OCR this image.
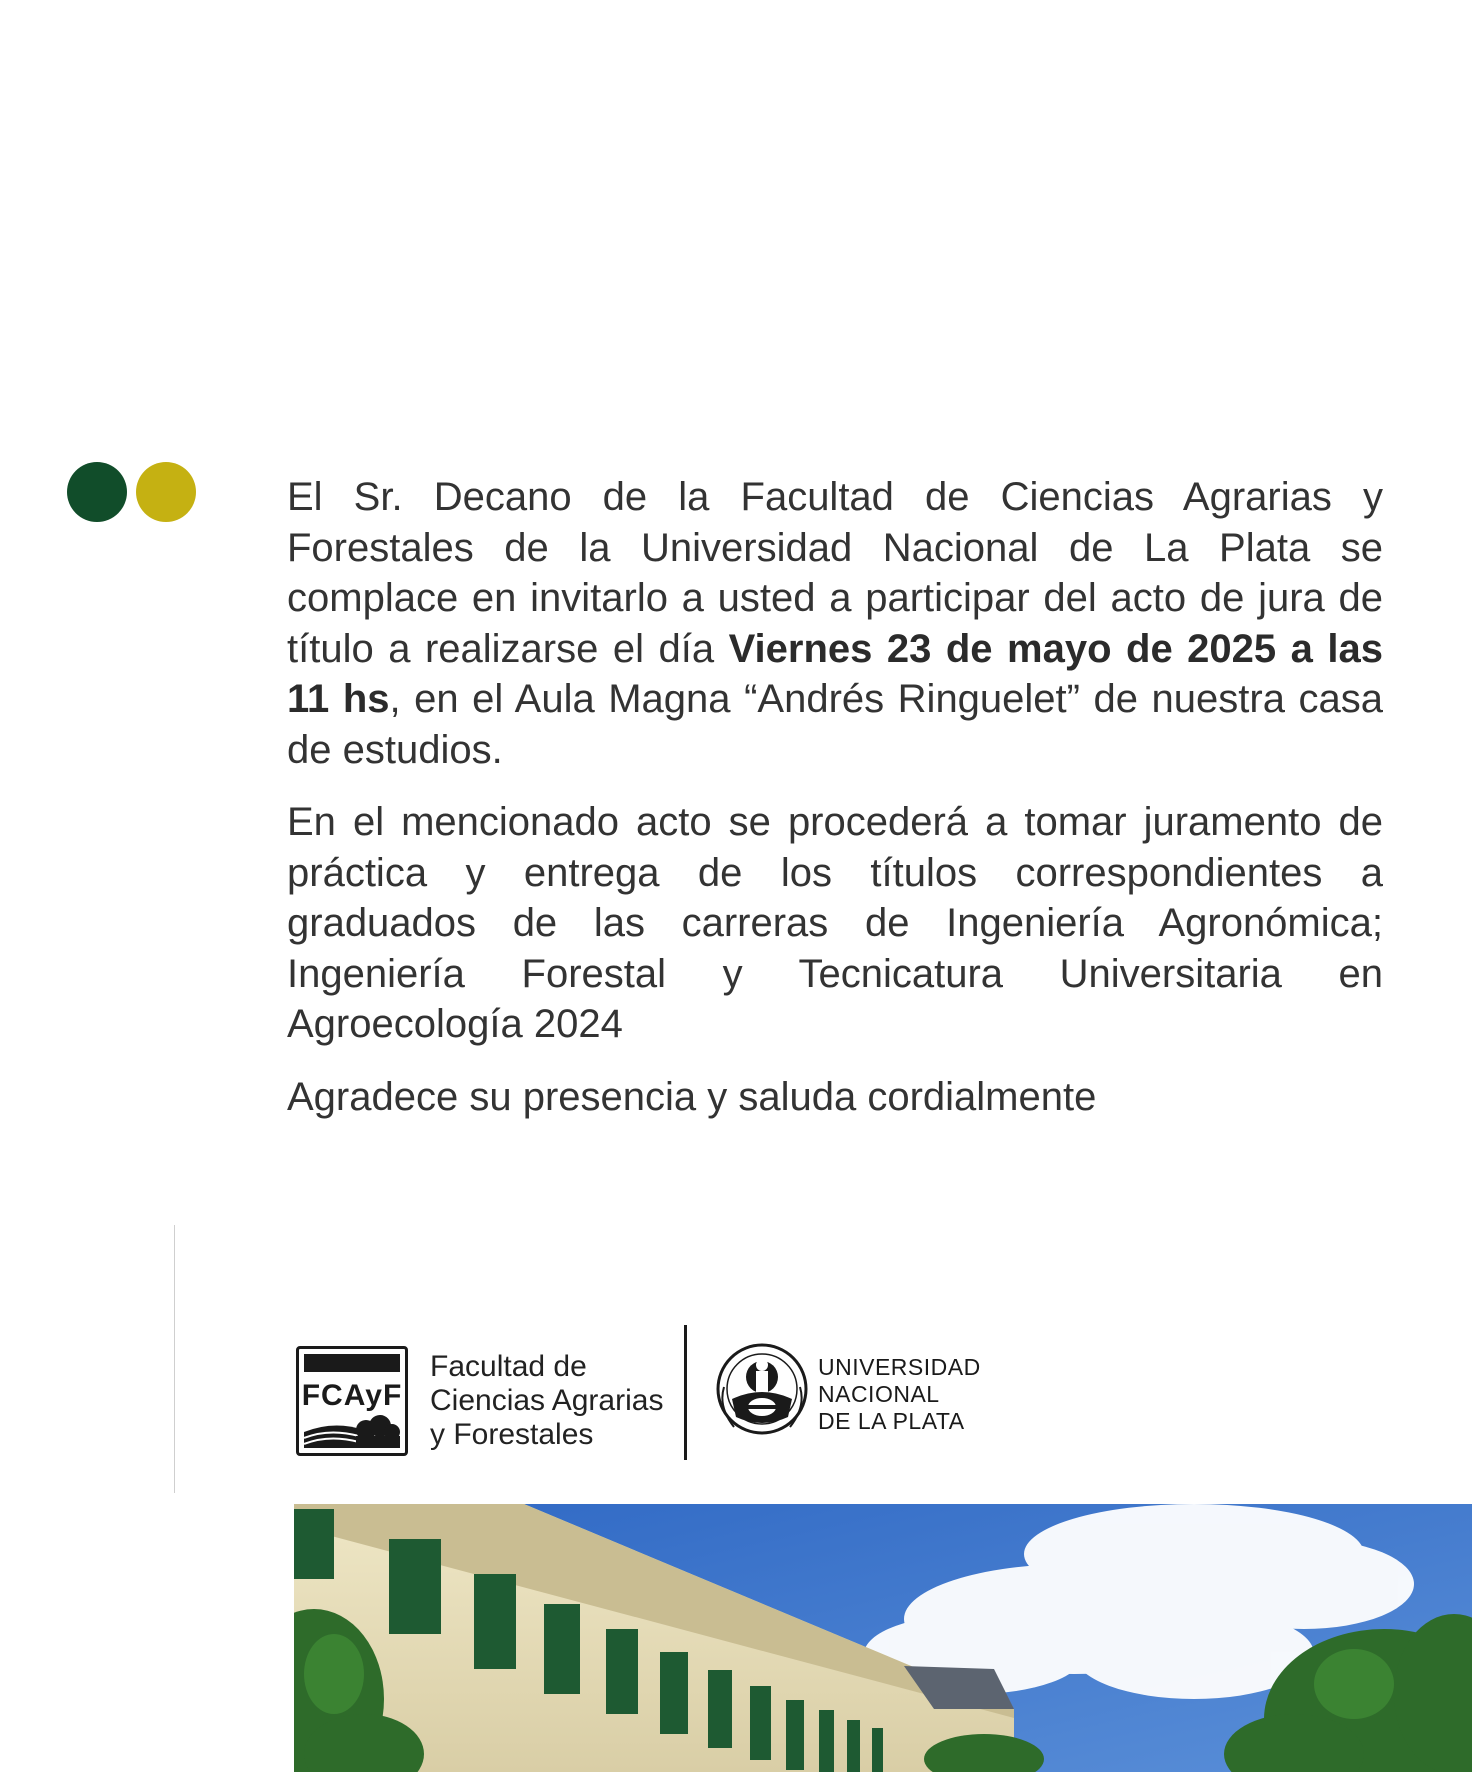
El Sr. Decano de la Facultad de Ciencias Agrarias y Forestales de la Universidad Nacional de La Plata se complace en invitarlo a usted a participar del acto de jura de título a realizarse el día Viernes 23 de mayo de 2025 a las 11 hs, en el Aula Magna “Andrés Ringuelet” de nuestra casa de estudios.

En el mencionado acto se procederá a tomar juramento de práctica y entrega de los títulos correspondientes a graduados de las carreras de Ingeniería Agronómica; Ingeniería Forestal y Tecnicatura Universitaria en Agroecología 2024

Agradece su presencia y saluda cordialmente

FCAyF
Facultad de
Ciencias Agrarias
y Forestales
UNIVERSIDAD
NACIONAL
DE LA PLATA
